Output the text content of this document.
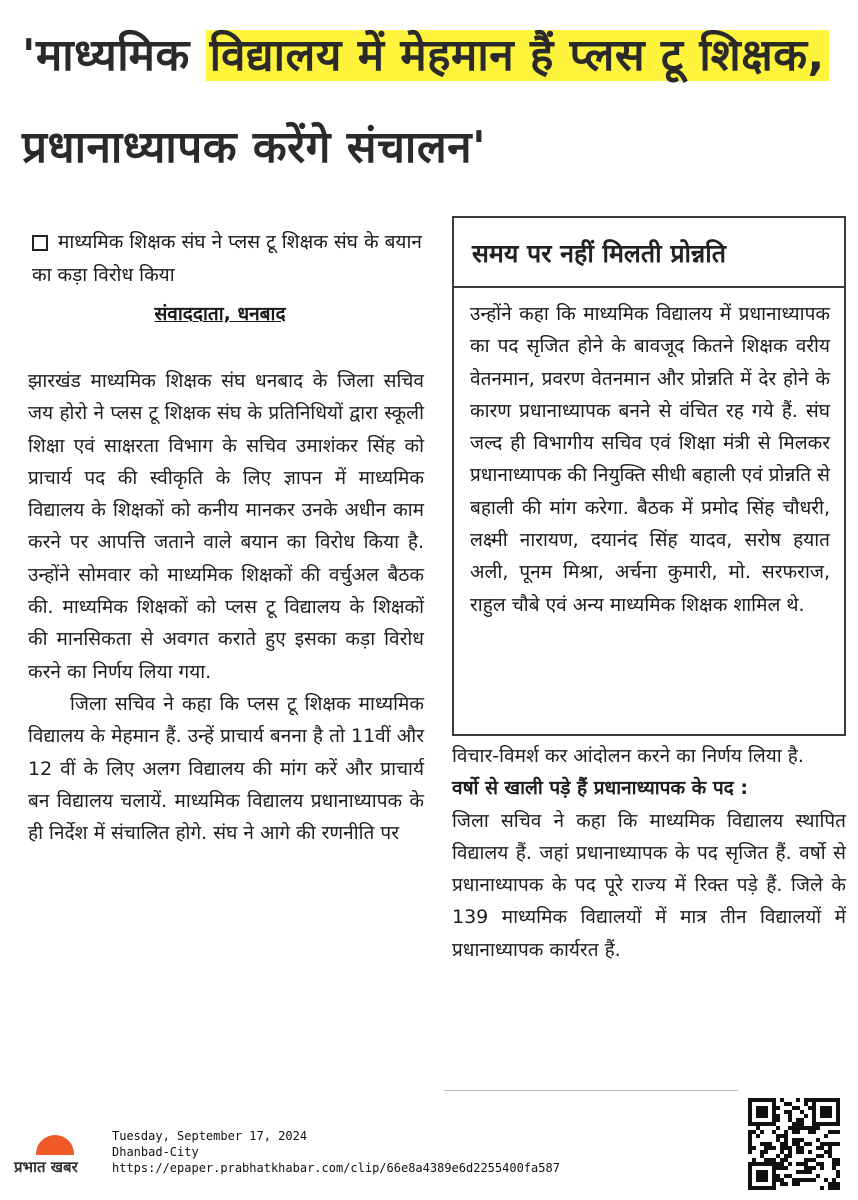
'माध्यमिक विद्यालय में मेहमान हैं प्लस टू शिक्षक, प्रधानाध्यापक करेंगे संचालन'
माध्यमिक शिक्षक संघ ने प्लस टू शिक्षक संघ के बयान का कड़ा विरोध किया
संवाददाता, धनबाद

झारखंड माध्यमिक शिक्षक संघ धनबाद के जिला सचिव जय होरो ने प्लस टू शिक्षक संघ के प्रतिनिधियों द्वारा स्कूली शिक्षा एवं साक्षरता विभाग के सचिव उमाशंकर सिंह को प्राचार्य पद की स्वीकृति के लिए ज्ञापन में माध्यमिक विद्यालय के शिक्षकों को कनीय मानकर उनके अधीन काम करने पर आपत्ति जताने वाले बयान का विरोध किया है. उन्होंने सोमवार को माध्यमिक शिक्षकों की वर्चुअल बैठक की. माध्यमिक शिक्षकों को प्लस टू विद्यालय के शिक्षकों की मानसिकता से अवगत कराते हुए इसका कड़ा विरोध करने का निर्णय लिया गया.

जिला सचिव ने कहा कि प्लस टू शिक्षक माध्यमिक विद्यालय के मेहमान हैं. उन्हें प्राचार्य बनना है तो 11वीं और 12 वीं के लिए अलग विद्यालय की मांग करें और प्राचार्य बन विद्यालय चलायें. माध्यमिक विद्यालय प्रधानाध्यापक के ही निर्देश में संचालित होगे. संघ ने आगे की रणनीति पर

समय पर नहीं मिलती प्रोन्नति
उन्होंने कहा कि माध्यमिक विद्यालय में प्रधानाध्यापक का पद सृजित होने के बावजूद कितने शिक्षक वरीय वेतनमान, प्रवरण वेतनमान और प्रोन्नति में देर होने के कारण प्रधानाध्यापक बनने से वंचित रह गये हैं. संघ जल्द ही विभागीय सचिव एवं शिक्षा मंत्री से मिलकर प्रधानाध्यापक की नियुक्ति सीधी बहाली एवं प्रोन्नति से बहाली की मांग करेगा. बैठक में प्रमोद सिंह चौधरी, लक्ष्मी नारायण, दयानंद सिंह यादव, सरोष हयात अली, पूनम मिश्रा, अर्चना कुमारी, मो. सरफराज, राहुल चौबे एवं अन्य माध्यमिक शिक्षक शामिल थे.

विचार-विमर्श कर आंदोलन करने का निर्णय लिया है.

वर्षो से खाली पड़े हैं प्रधानाध्यापक के पद :

जिला सचिव ने कहा कि माध्यमिक विद्यालय स्थापित विद्यालय हैं. जहां प्रधानाध्यापक के पद सृजित हैं. वर्षो से प्रधानाध्यापक के पद पूरे राज्य में रिक्त पड़े हैं. जिले के 139 माध्यमिक विद्यालयों में मात्र तीन विद्यालयों में प्रधानाध्यापक कार्यरत हैं.

प्रभात खबर
Tuesday, September 17, 2024
Dhanbad-City
https://epaper.prabhatkhabar.com/clip/66e8a4389e6d2255400fa587
